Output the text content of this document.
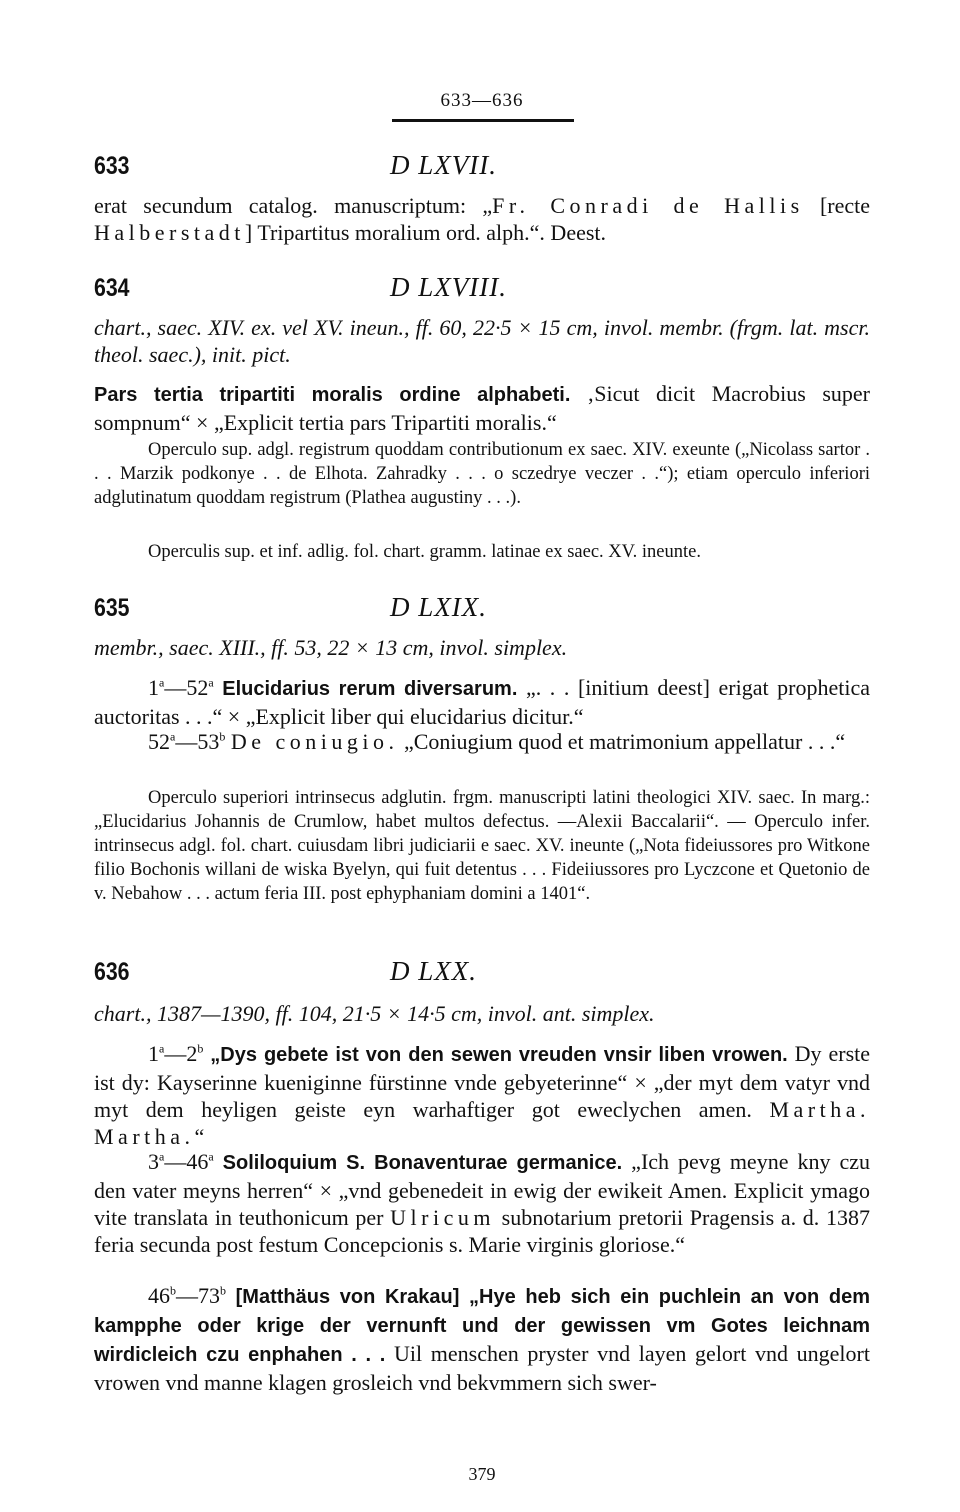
633—636
633	D LXVII.

erat secundum catalog. manuscriptum: „Fr. Conradi de Hallis [recte Halberstadt] Tripartitus moralium ord. alph.“. Deest.

634	D LXVIII.

chart., saec. XIV. ex. vel XV. ineun., ff. 60, 22·5 × 15 cm, invol. membr. (frgm. lat. mscr. theol. saec.), init. pict.

Pars tertia tripartiti moralis ordine alphabeti. ‚Sicut dicit Macrobius super sompnum“ × „Explicit tertia pars Tripartiti moralis.“

Operculo sup. adgl. registrum quoddam contributionum ex saec. XIV. exeunte („Nicolass sartor . . . Marzik podkonye . . de Elhota. Zahradky . . . o sczedrye veczer . .“); etiam operculo inferiori adglutinatum quoddam registrum (Plathea augustiny . . .).

Operculis sup. et inf. adlig. fol. chart. gramm. latinae ex saec. XV. ineunte.

635	D LXIX.

membr., saec. XIII., ff. 53, 22 × 13 cm, invol. simplex.

1$^a$—52$^a$ Elucidarius rerum diversarum. „. . . [initium deest] erigat prophetica auctoritas . . .“ × „Explicit liber qui elucidarius dicitur.“

52$^a$—53$^b$ De coniugio. „Coniugium quod et matrimonium appellatur . . .“

Operculo superiori intrinsecus adglutin. frgm. manuscripti latini theologici XIV. saec. In marg.: „Elucidarius Johannis de Crumlow, habet multos defectus. —Alexii Baccalarii“. — Operculo infer. intrinsecus adgl. fol. chart. cuiusdam libri judiciarii e saec. XV. ineunte („Nota fideiussores pro Witkone filio Bochonis willani de wiska Byelyn, qui fuit detentus . . . Fideiiussores pro Lyczcone et Quetonio de v. Nebahow . . . actum feria III. post ephyphaniam domini a 1401“.

636	D LXX.

chart., 1387—1390, ff. 104, 21·5 × 14·5 cm, invol. ant. simplex.

1$^a$—2$^b$ „Dys gebete ist von den sewen vreuden vnsir liben vrowen. Dy erste ist dy: Kayserinne kueniginne fürstinne vnde gebyeterinne“ × „der myt dem vatyr vnd myt dem heyligen geiste eyn warhaftiger got eweclychen amen. Martha. Martha.“

3$^a$—46$^a$ Soliloquium S. Bonaventurae germanice. „Ich pevg meyne kny czu den vater meyns herren“ × „vnd gebenedeit in ewig der ewikeit Amen. Explicit ymago vite translata in teuthonicum per Ulricum subnotarium pretorii Pragensis a. d. 1387 feria secunda post festum Concepcionis s. Marie virginis gloriose.“

46$^b$—73$^b$ [Matthäus von Krakau] „Hye heb sich ein puchlein an von dem kampphe oder krige der vernunft und der gewissen vm Gotes leichnam wirdicleich czu enphahen . . . Uil menschen pryster vnd layen gelort vnd ungelort vrowen vnd manne klagen grosleich vnd bekvmmern sich swer-

379
